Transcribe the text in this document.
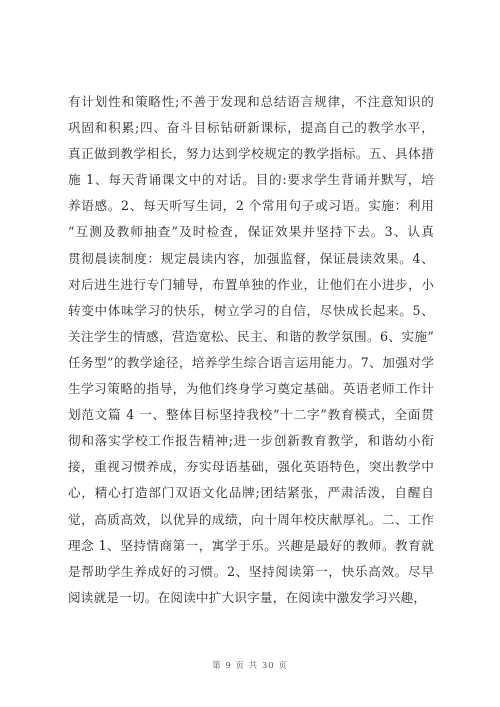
有计划性和策略性;不善于发现和总结语言规律，不注意知识的
巩固和积累;四、奋斗目标钻研新课标，提高自己的教学水平，
真正做到教学相长，努力达到学校规定的教学指标。五、具体措
施 1、每天背诵课文中的对话。目的:要求学生背诵并默写，培
养语感。2、每天听写生词，2 个常用句子或习语。实施：利用
“互测及教师抽查”及时检查，保证效果并坚持下去。3、认真
贯彻晨读制度：规定晨读内容，加强监督，保证晨读效果。4、
对后进生进行专门辅导，布置单独的作业，让他们在小进步，小
转变中体味学习的快乐，树立学习的自信，尽快成长起来。5、
关注学生的情感，营造宽松、民主、和谐的教学氛围。6、实施”
任务型”的教学途径，培养学生综合语言运用能力。7、加强对学
生学习策略的指导，为他们终身学习奠定基础。英语老师工作计
划范文篇 4 一、整体目标坚持我校“十二字”教育模式，全面贯
彻和落实学校工作报告精神;进一步创新教育教学，和谐幼小衔
接，重视习惯养成，夯实母语基础，强化英语特色，突出教学中
心，精心打造部门双语文化品牌;团结紧张，严肃活泼，自醒自
觉，高质高效，以优异的成绩，向十周年校庆献厚礼。二、工作
理念 1、坚持情商第一，寓学于乐。兴趣是最好的教师。教育就
是帮助学生养成好的习惯。2、坚持阅读第一，快乐高效。尽早
阅读就是一切。在阅读中扩大识字量，在阅读中激发学习兴趣，
第 9 页 共 30 页
